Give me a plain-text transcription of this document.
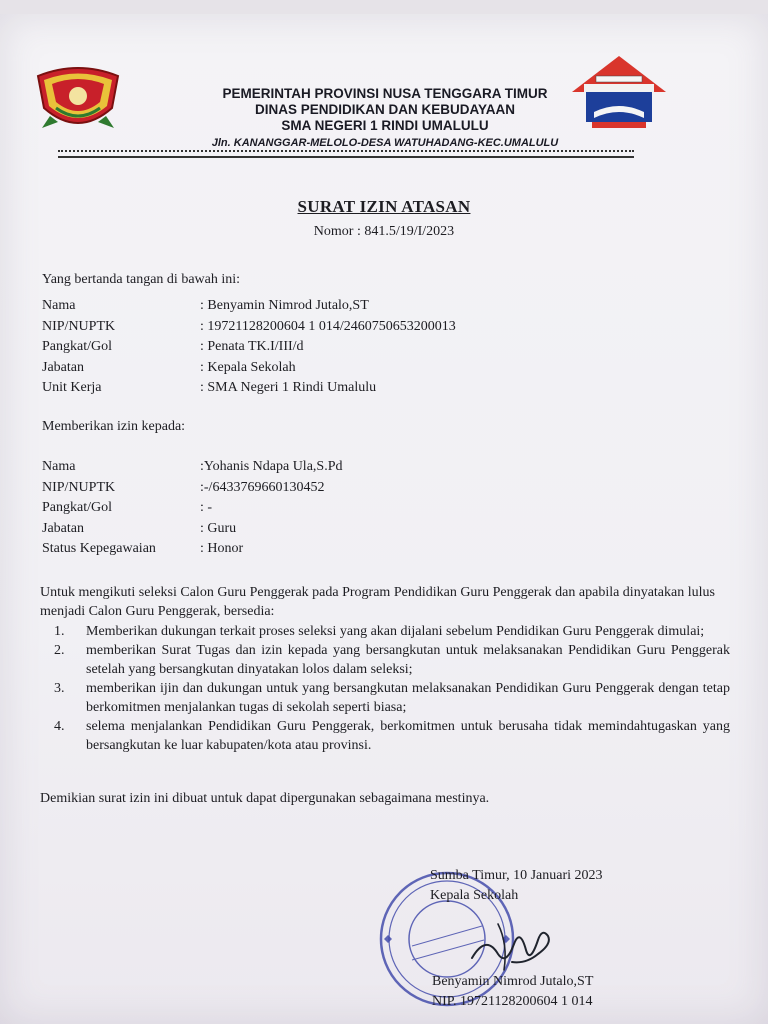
PEMERINTAH PROVINSI NUSA TENGGARA TIMUR
DINAS PENDIDIKAN DAN KEBUDAYAAN
SMA NEGERI 1 RINDI UMALULU
Jln. KANANGGAR-MELOLO-DESA WATUHADANG-KEC.UMALULU
SURAT IZIN ATASAN
Nomor : 841.5/19/I/2023
Yang bertanda tangan di bawah ini:
Nama	: Benyamin Nimrod Jutalo,ST
NIP/NUPTK	: 19721128200604 1 014/2460750653200013
Pangkat/Gol	: Penata TK.I/III/d
Jabatan	: Kepala Sekolah
Unit Kerja	: SMA Negeri 1 Rindi Umalulu
Memberikan izin kepada:
Nama	:Yohanis Ndapa Ula,S.Pd
NIP/NUPTK	:-/6433769660130452
Pangkat/Gol	: -
Jabatan	: Guru
Status Kepegawaian	: Honor
Untuk mengikuti seleksi Calon Guru Penggerak pada Program Pendidikan Guru Penggerak dan apabila dinyatakan lulus menjadi Calon Guru Penggerak, bersedia:
1.	Memberikan dukungan terkait proses seleksi yang akan dijalani sebelum Pendidikan Guru Penggerak dimulai;
2.	memberikan Surat Tugas dan izin kepada yang bersangkutan untuk melaksanakan Pendidikan Guru Penggerak setelah yang bersangkutan dinyatakan lolos dalam seleksi;
3.	memberikan ijin dan dukungan untuk yang bersangkutan melaksanakan Pendidikan Guru Penggerak dengan tetap berkomitmen menjalankan tugas di sekolah seperti biasa;
4.	selema menjalankan Pendidikan Guru Penggerak, berkomitmen untuk berusaha tidak memindahtugaskan yang bersangkutan ke luar kabupaten/kota atau provinsi.
Demikian surat izin ini dibuat untuk dapat dipergunakan sebagaimana mestinya.
Sumba Timur, 10 Januari 2023
Kepala Sekolah
Benyamin Nimrod Jutalo,ST
NIP. 19721128200604 1 014
